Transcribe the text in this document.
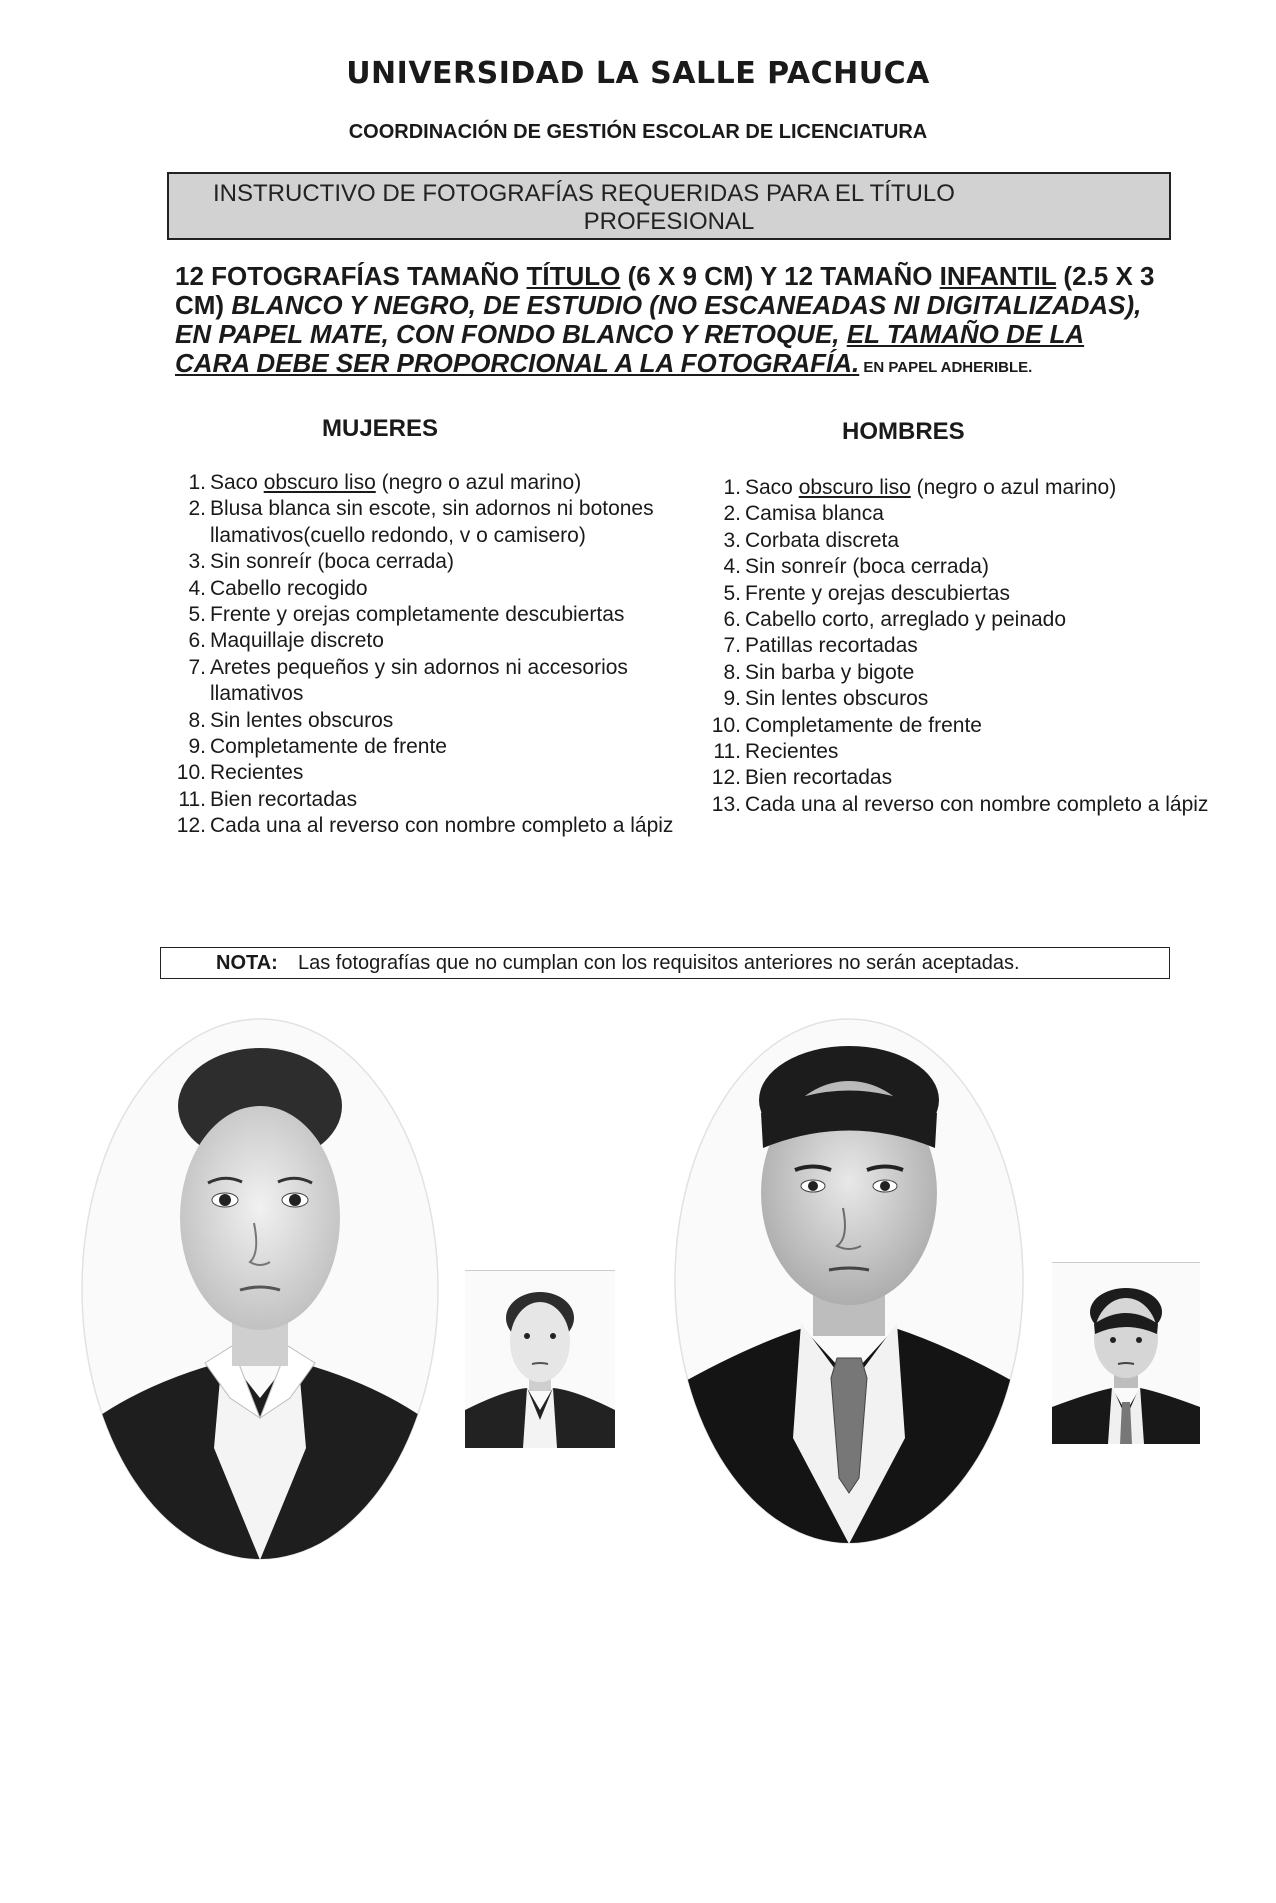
UNIVERSIDAD LA SALLE PACHUCA
COORDINACIÓN DE GESTIÓN ESCOLAR DE LICENCIATURA
INSTRUCTIVO DE FOTOGRAFÍAS REQUERIDAS PARA EL TÍTULO
PROFESIONAL
12 FOTOGRAFÍAS TAMAÑO TÍTULO (6 X 9 CM) Y 12 TAMAÑO INFANTIL (2.5 X 3 CM) BLANCO Y NEGRO, DE ESTUDIO (NO ESCANEADAS NI DIGITALIZADAS), EN PAPEL MATE, CON FONDO BLANCO Y RETOQUE, EL TAMAÑO DE LA CARA DEBE SER PROPORCIONAL A LA FOTOGRAFÍA. EN PAPEL ADHERIBLE.
MUJERES	HOMBRES
Saco obscuro liso (negro o azul marino)
Blusa blanca sin escote, sin adornos ni botones llamativos(cuello redondo, v o camisero)
Sin sonreír (boca cerrada)
Cabello recogido
Frente y orejas completamente descubiertas
Maquillaje discreto
Aretes pequeños y sin adornos ni accesorios llamativos
Sin lentes obscuros
Completamente de frente
Recientes
Bien recortadas
Cada una al reverso con nombre completo a lápiz
Saco obscuro liso (negro o azul marino)
Camisa blanca
Corbata discreta
Sin sonreír (boca cerrada)
Frente y orejas descubiertas
Cabello corto, arreglado y peinado
Patillas recortadas
Sin barba y bigote
Sin lentes obscuros
Completamente de frente
Recientes
Bien recortadas
Cada una al reverso con nombre completo a lápiz
NOTA: Las fotografías que no cumplan con los requisitos anteriores no serán aceptadas.
